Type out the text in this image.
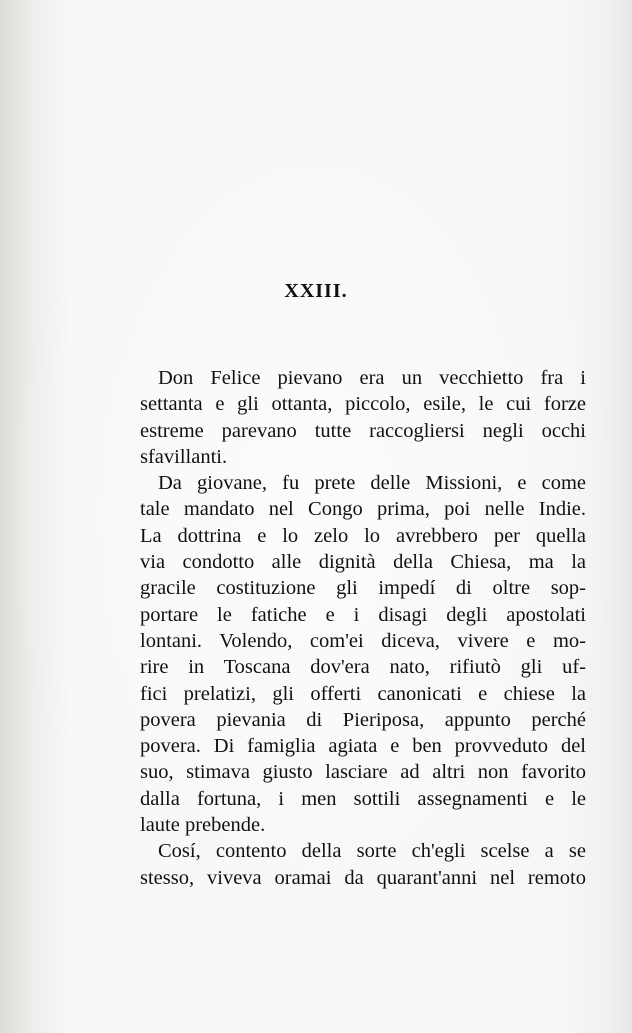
XXIII.
Don Felice pievano era un vecchietto fra i
settanta e gli ottanta, piccolo, esile, le cui forze
estreme parevano tutte raccogliersi negli occhi
sfavillanti.
Da giovane, fu prete delle Missioni, e come
tale mandato nel Congo prima, poi nelle Indie.
La dottrina e lo zelo lo avrebbero per quella
via condotto alle dignità della Chiesa, ma la
gracile costituzione gli impedí di oltre sop-
portare le fatiche e i disagi degli apostolati
lontani. Volendo, com'ei diceva, vivere e mo-
rire in Toscana dov'era nato, rifiutò gli uf-
fici prelatizi, gli offerti canonicati e chiese la
povera pievania di Pieriposa, appunto perché
povera. Di famiglia agiata e ben provveduto del
suo, stimava giusto lasciare ad altri non favorito
dalla fortuna, i men sottili assegnamenti e le
laute prebende.
Cosí, contento della sorte ch'egli scelse a se
stesso, viveva oramai da quarant'anni nel remoto
